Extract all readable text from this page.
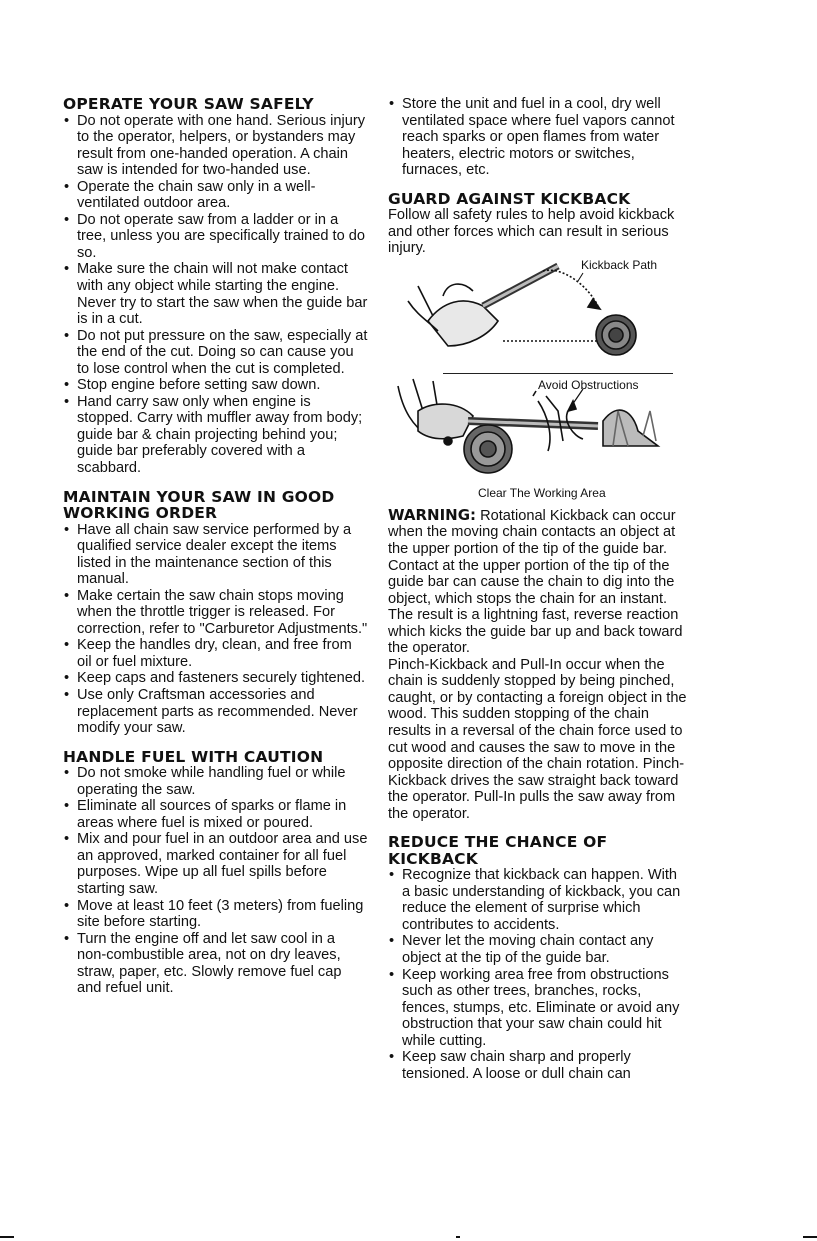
OPERATE YOUR SAW SAFELY
• Do not operate with one hand. Serious injury to the operator, helpers, or bystanders may result from one-handed operation. A chain saw is intended for two-handed use.
• Operate the chain saw only in a well-ventilated outdoor area.
• Do not operate saw from a ladder or in a tree, unless you are specifically trained to do so.
• Make sure the chain will not make contact with any object while starting the engine. Never try to start the saw when the guide bar is in a cut.
• Do not put pressure on the saw, especially at the end of the cut. Doing so can cause you to lose control when the cut is completed.
• Stop engine before setting saw down.
• Hand carry saw only when engine is stopped. Carry with muffler away from body; guide bar & chain projecting behind you; guide bar preferably covered with a scabbard.
MAINTAIN YOUR SAW IN GOOD WORKING ORDER
• Have all chain saw service performed by a qualified service dealer except the items listed in the maintenance section of this manual.
• Make certain the saw chain stops moving when the throttle trigger is released. For correction, refer to "Carburetor Adjustments."
• Keep the handles dry, clean, and free from oil or fuel mixture.
• Keep caps and fasteners securely tightened.
• Use only Craftsman accessories and replacement parts as recommended. Never modify your saw.
HANDLE FUEL WITH CAUTION
• Do not smoke while handling fuel or while operating the saw.
• Eliminate all sources of sparks or flame in areas where fuel is mixed or poured.
• Mix and pour fuel in an outdoor area and use an approved, marked container for all fuel purposes. Wipe up all fuel spills before starting saw.
• Move at least 10 feet (3 meters) from fueling site before starting.
• Turn the engine off and let saw cool in a non-combustible area, not on dry leaves, straw, paper, etc. Slowly remove fuel cap and refuel unit.
• Store the unit and fuel in a cool, dry well ventilated space where fuel vapors cannot reach sparks or open flames from water heaters, electric motors or switches, furnaces, etc.
GUARD AGAINST KICKBACK

Follow all safety rules to help avoid kickback and other forces which can result in serious injury.

Kickback Path
Avoid Obstructions
Clear The Working Area

WARNING: Rotational Kickback can occur when the moving chain contacts an object at the upper portion of the tip of the guide bar. Contact at the upper portion of the tip of the guide bar can cause the chain to dig into the object, which stops the chain for an instant. The result is a lightning fast, reverse reaction which kicks the guide bar up and back toward the operator.

Pinch-Kickback and Pull-In occur when the chain is suddenly stopped by being pinched, caught, or by contacting a foreign object in the wood. This sudden stopping of the chain results in a reversal of the chain force used to cut wood and causes the saw to move in the opposite direction of the chain rotation. Pinch-Kickback drives the saw straight back toward the operator. Pull-In pulls the saw away from the operator.

REDUCE THE CHANCE OF KICKBACK
• Recognize that kickback can happen. With a basic understanding of kickback, you can reduce the element of surprise which contributes to accidents.
• Never let the moving chain contact any object at the tip of the guide bar.
• Keep working area free from obstructions such as other trees, branches, rocks, fences, stumps, etc. Eliminate or avoid any obstruction that your saw chain could hit while cutting.
• Keep saw chain sharp and properly tensioned. A loose or dull chain can
